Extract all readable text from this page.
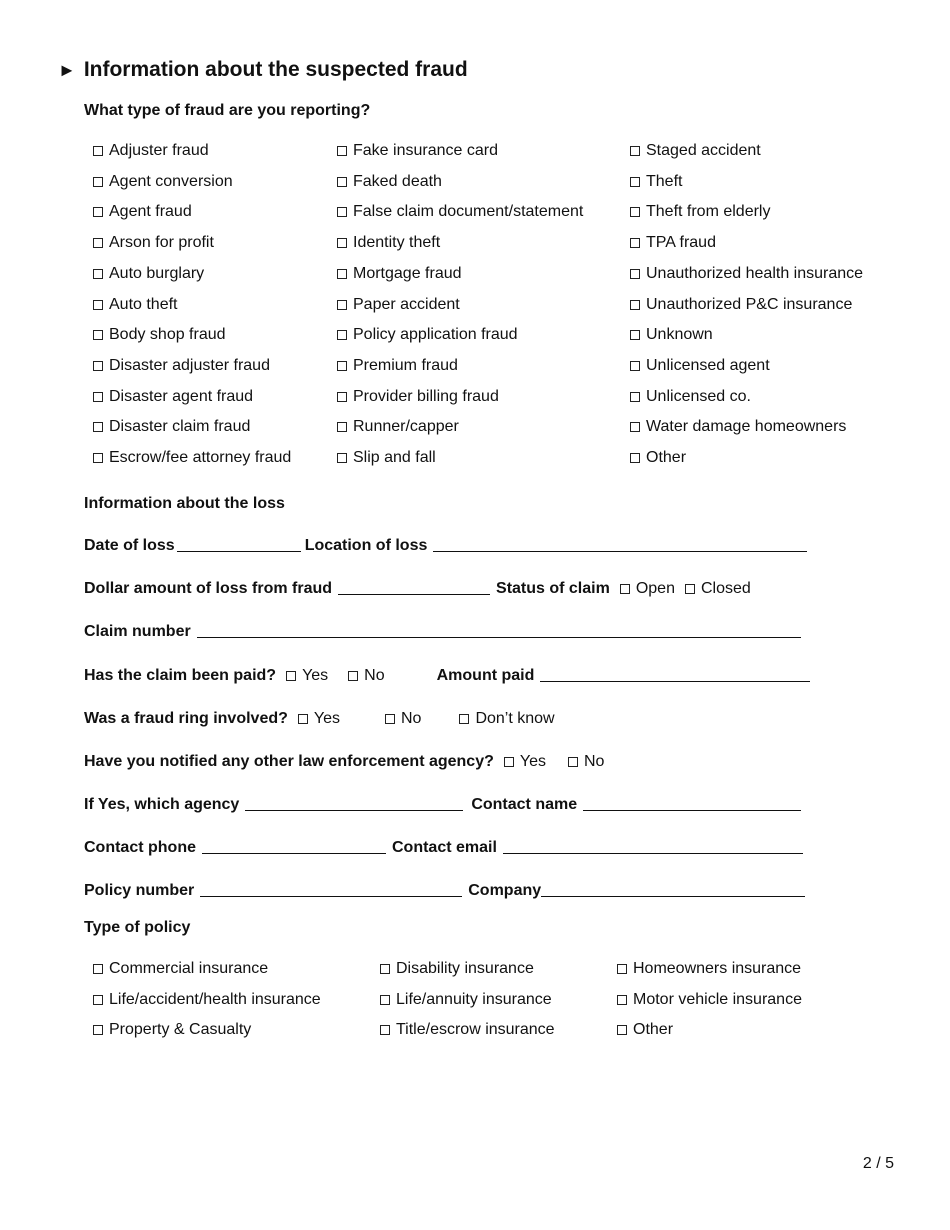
► Information about the suspected fraud
What type of fraud are you reporting?
Adjuster fraud
Agent conversion
Agent fraud
Arson for profit
Auto burglary
Auto theft
Body shop fraud
Disaster adjuster fraud
Disaster agent fraud
Disaster claim fraud
Escrow/fee attorney fraud
Fake insurance card
Faked death
False claim document/statement
Identity theft
Mortgage fraud
Paper accident
Policy application fraud
Premium fraud
Provider billing fraud
Runner/capper
Slip and fall
Staged accident
Theft
Theft from elderly
TPA fraud
Unauthorized health insurance
Unauthorized P&C insurance
Unknown
Unlicensed agent
Unlicensed co.
Water damage homeowners
Other
Information about the loss
Date of loss	Location of loss
Dollar amount of loss from fraud	Status of claim Open Closed
Claim number
Has the claim been paid? Yes No	Amount paid
Was a fraud ring involved? Yes	No	Don’t know
Have you notified any other law enforcement agency? Yes No
If Yes, which agency	Contact name
Contact phone	Contact email
Policy number	Company
Type of policy
Commercial insurance
Life/accident/health insurance
Property & Casualty
Disability insurance
Life/annuity insurance
Title/escrow insurance
Homeowners insurance
Motor vehicle insurance
Other
2 / 5
